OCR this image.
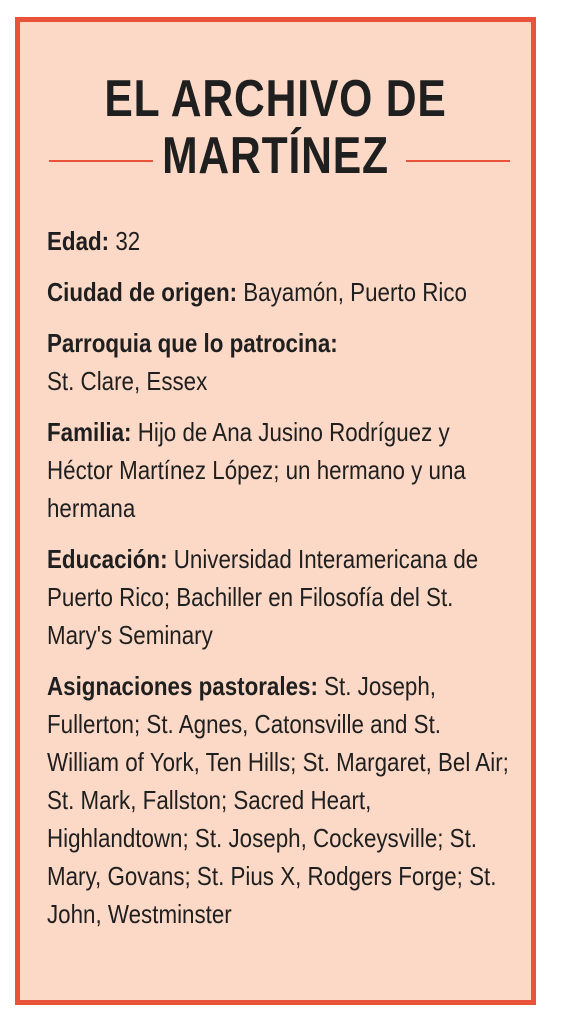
EL ARCHIVO DE
MARTÍNEZ
Edad: 32
Ciudad de origen: Bayamón, Puerto Rico
Parroquia que lo patrocina:
St. Clare, Essex
Familia: Hijo de Ana Jusino Rodríguez y Héctor Martínez López; un hermano y una hermana
Educación: Universidad Interamericana de Puerto Rico; Bachiller en Filosofía del St. Mary's Seminary
Asignaciones pastorales: St. Joseph, Fullerton; St. Agnes, Catonsville and St. William of York, Ten Hills; St. Margaret, Bel Air; St. Mark, Fallston; Sacred Heart, Highlandtown; St. Joseph, Cockeysville; St. Mary, Govans; St. Pius X, Rodgers Forge; St. John, Westminster
